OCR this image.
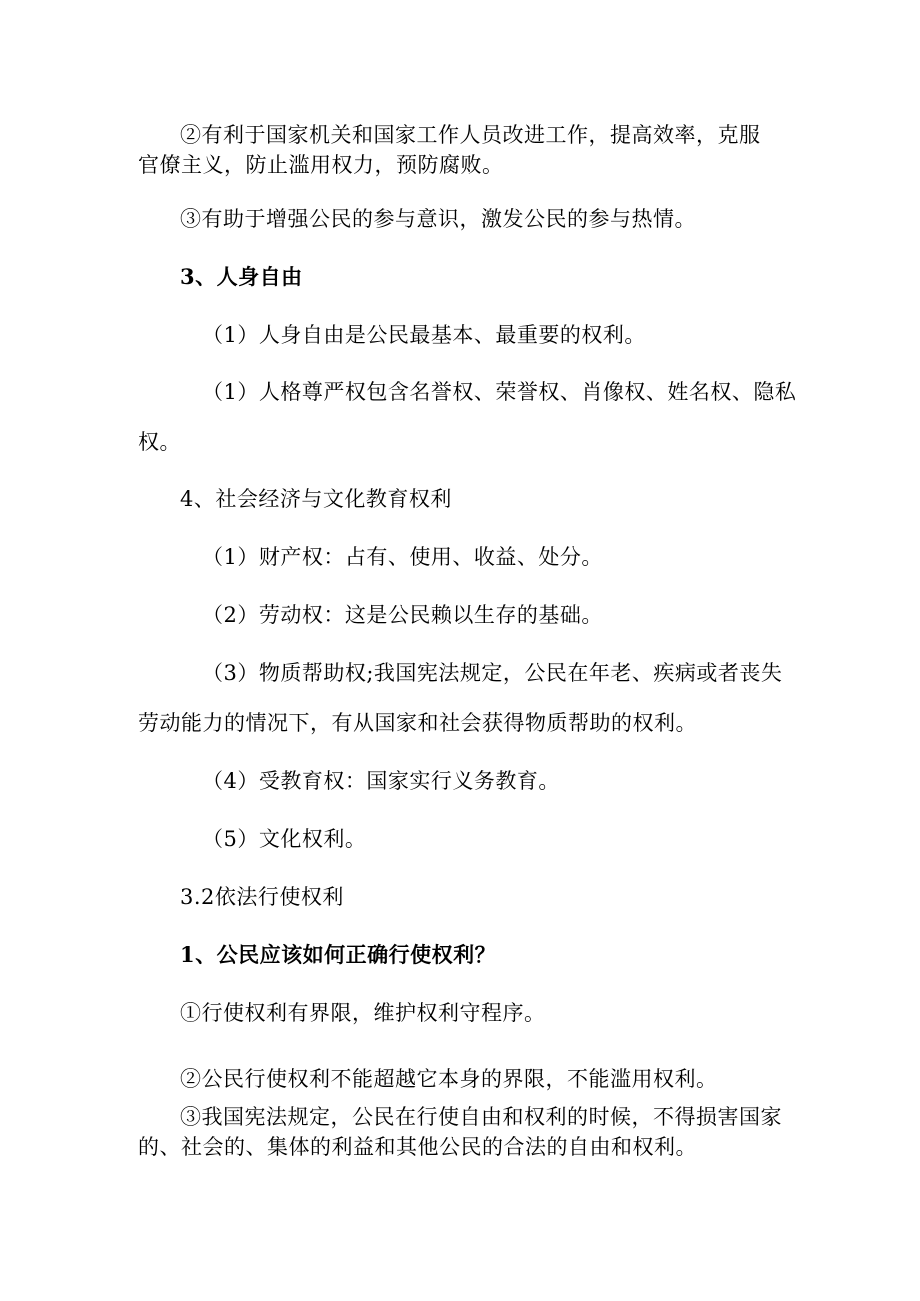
②有利于国家机关和国家工作人员改进工作，提高效率，克服
官僚主义，防止滥用权力，预防腐败。
③有助于增强公民的参与意识，激发公民的参与热情。
3、人身自由
（1）人身自由是公民最基本、最重要的权利。
（1）人格尊严权包含名誉权、荣誉权、肖像权、姓名权、隐私
权。
4、社会经济与文化教育权利
（1）财产权：占有、使用、收益、处分。
（2）劳动权：这是公民赖以生存的基础。
（3）物质帮助权;我国宪法规定，公民在年老、疾病或者丧失
劳动能力的情况下，有从国家和社会获得物质帮助的权利。
（4）受教育权：国家实行义务教育。
（5）文化权利。
3.2依法行使权利
1、公民应该如何正确行使权利？
①行使权利有界限，维护权利守程序。
②公民行使权利不能超越它本身的界限，不能滥用权利。
③我国宪法规定，公民在行使自由和权利的时候，不得损害国家
的、社会的、集体的利益和其他公民的合法的自由和权利。
